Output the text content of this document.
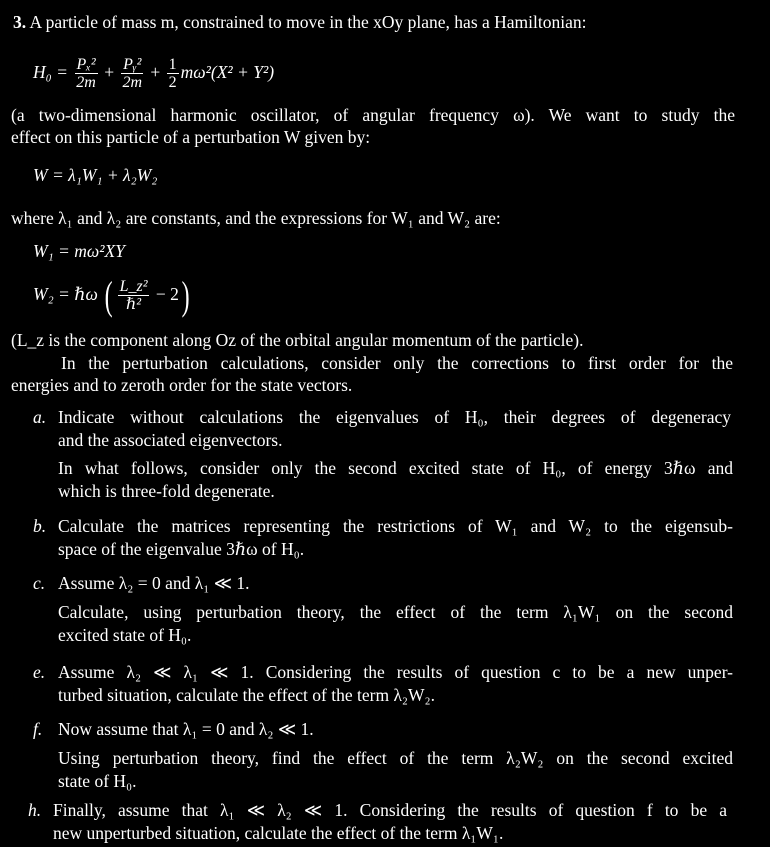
3. A particle of mass m, constrained to move in the xOy plane, has a Hamiltonian:
$H_0 = \frac{\text{Pₓ²}}{2m} + \frac{\text{Pᵧ²}}{2m} + \frac{1}{2} m\omega^2(X^2 + Y^2)$
(a two-dimensional harmonic oscillator, of angular frequency ω). We want to study the
effect on this particle of a perturbation W given by:
W = λ₁W₁ + λ₂W₂
where λ₁ and λ₂ are constants, and the expressions for W₁ and W₂ are:
W₁ = mω²XY
W₂ = ℏω ( $\frac{\text{L\_z²}}{\text{ℏ²}} - 2$)
(L_z is the component along Oz of the orbital angular momentum of the particle).
In the perturbation calculations, consider only the corrections to first order for the
energies and to zeroth order for the state vectors.
a. Indicate without calculations the eigenvalues of H₀, their degrees of degeneracy
and the associated eigenvectors.
In what follows, consider only the second excited state of H₀, of energy 3ℏω and
which is three-fold degenerate.
b. Calculate the matrices representing the restrictions of W₁ and W₂ to the eigensub-
space of the eigenvalue 3ℏω of H₀.
c. Assume λ₂ = 0 and λ₁ ≪ 1.
Calculate, using perturbation theory, the effect of the term λ₁W₁ on the second
excited state of H₀.
e. Assume λ₂ ≪ λ₁ ≪ 1. Considering the results of question c to be a new unper-
turbed situation, calculate the effect of the term λ₂W₂.
f. Now assume that λ₁ = 0 and λ₂ ≪ 1.
Using perturbation theory, find the effect of the term λ₂W₂ on the second excited
state of H₀.
h. Finally, assume that λ₁ ≪ λ₂ ≪ 1. Considering the results of question f to be a
new unperturbed situation, calculate the effect of the term λ₁W₁.
